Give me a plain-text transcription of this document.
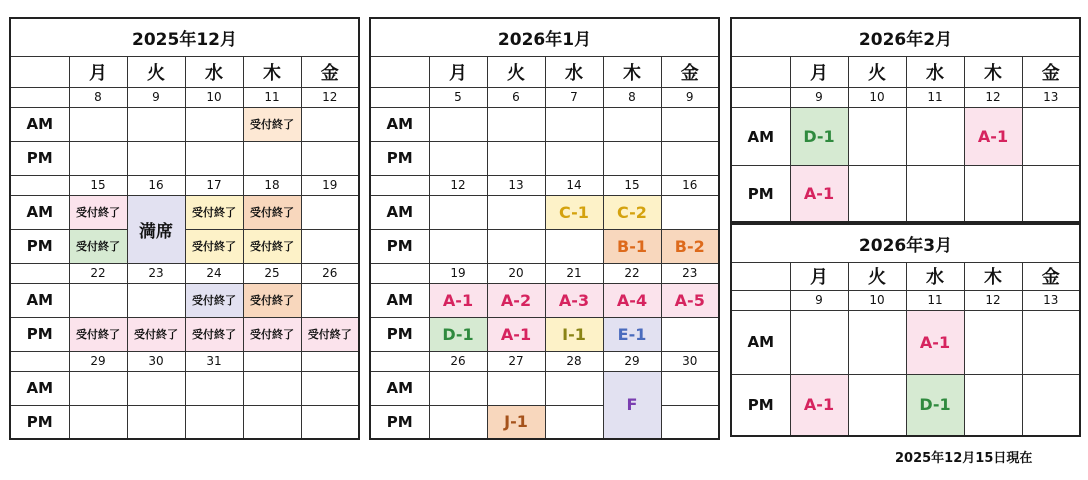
2025年12月					
	月	火	水	木	金
	8	9	10	11	12
AM				受付終了	
PM					
	15	16	17	18	19
AM	受付終了	満席	受付終了	受付終了	
PM	受付終了		受付終了	受付終了	
	22	23	24	25	26
AM			受付終了	受付終了	
PM	受付終了	受付終了	受付終了	受付終了	受付終了
	29	30	31		
AM					
PM					
2026年1月					
	月	火	水	木	金
	5	6	7	8	9
AM					
PM					
	12	13	14	15	16
AM			C-1	C-2	
PM				B-1	B-2
	19	20	21	22	23
AM	A-1	A-2	A-3	A-4	A-5
PM	D-1	A-1	I-1	E-1	
	26	27	28	29	30
AM				F	
PM		J-1			
2026年2月					
	月	火	水	木	金
	9	10	11	12	13
AM	D-1			A-1	
PM	A-1				
2026年3月					
	月	火	水	木	金
	9	10	11	12	13
AM			A-1		
PM	A-1		D-1		
2025年12月15日現在
